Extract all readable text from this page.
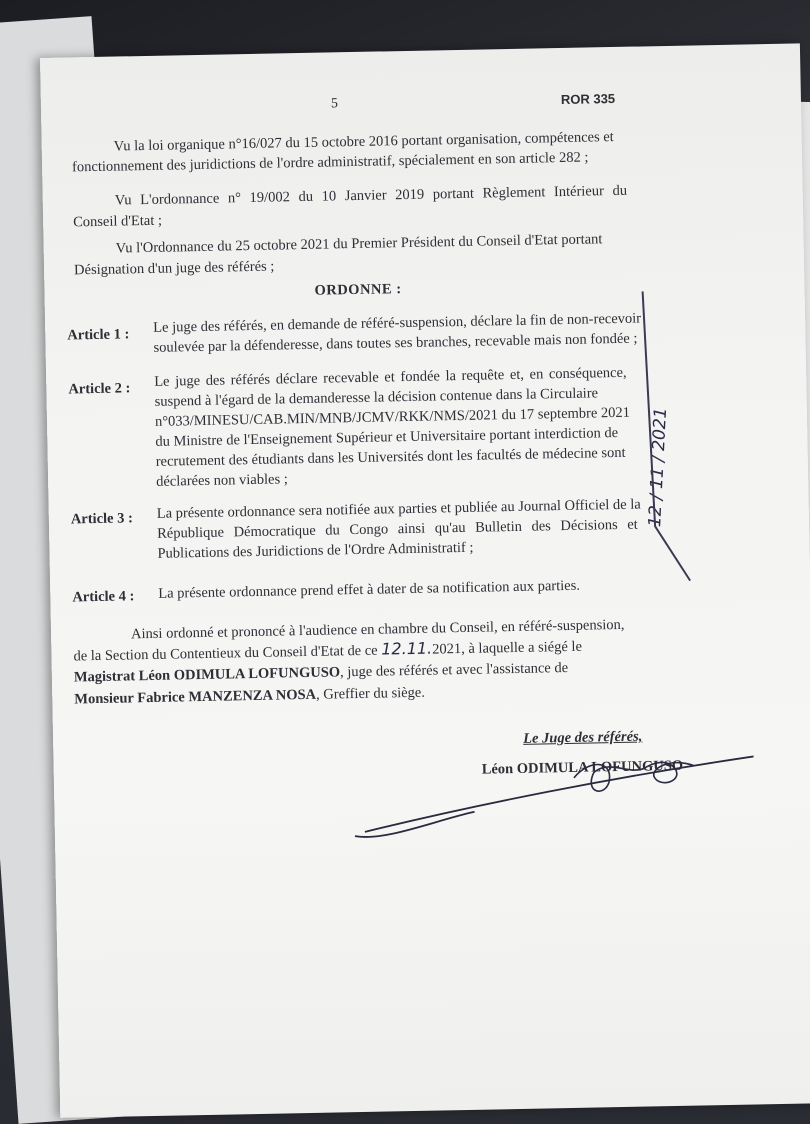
5	ROR 335
Vu la loi organique n°16/027 du 15 octobre 2016 portant organisation, compétences et
fonctionnement des juridictions de l'ordre administratif, spécialement en son article 282 ;
Vu L'ordonnance n° 19/002 du 10 Janvier 2019 portant Règlement Intérieur du
Conseil d'Etat ;
Vu l'Ordonnance du 25 octobre 2021 du Premier Président du Conseil d'Etat portant
Désignation d'un juge des référés ;
ORDONNE :
Article 1 : Le juge des référés, en demande de référé-suspension, déclare la fin de non-recevoir
soulevée par la défenderesse, dans toutes ses branches, recevable mais non fondée ;
Article 2 : Le juge des référés déclare recevable et fondée la requête et, en conséquence,
suspend à l'égard de la demanderesse la décision contenue dans la Circulaire
n°033/MINESU/CAB.MIN/MNB/JCMV/RKK/NMS/2021 du 17 septembre 2021
du Ministre de l'Enseignement Supérieur et Universitaire portant interdiction de
recrutement des étudiants dans les Universités dont les facultés de médecine sont
déclarées non viables ;
Article 3 : La présente ordonnance sera notifiée aux parties et publiée au Journal Officiel de la
République Démocratique du Congo ainsi qu'au Bulletin des Décisions et
Publications des Juridictions de l'Ordre Administratif ;
Article 4 : La présente ordonnance prend effet à dater de sa notification aux parties.
Ainsi ordonné et prononcé à l'audience en chambre du Conseil, en référé-suspension,
de la Section du Contentieux du Conseil d'Etat de ce 12.11.2021, à laquelle a siégé le
Magistrat Léon ODIMULA LOFUNGUSO, juge des référés et avec l'assistance de
Monsieur Fabrice MANZENZA NOSA, Greffier du siège.
Le Juge des référés,
Léon ODIMULA LOFUNGUSO
12 / 11 / 2021
